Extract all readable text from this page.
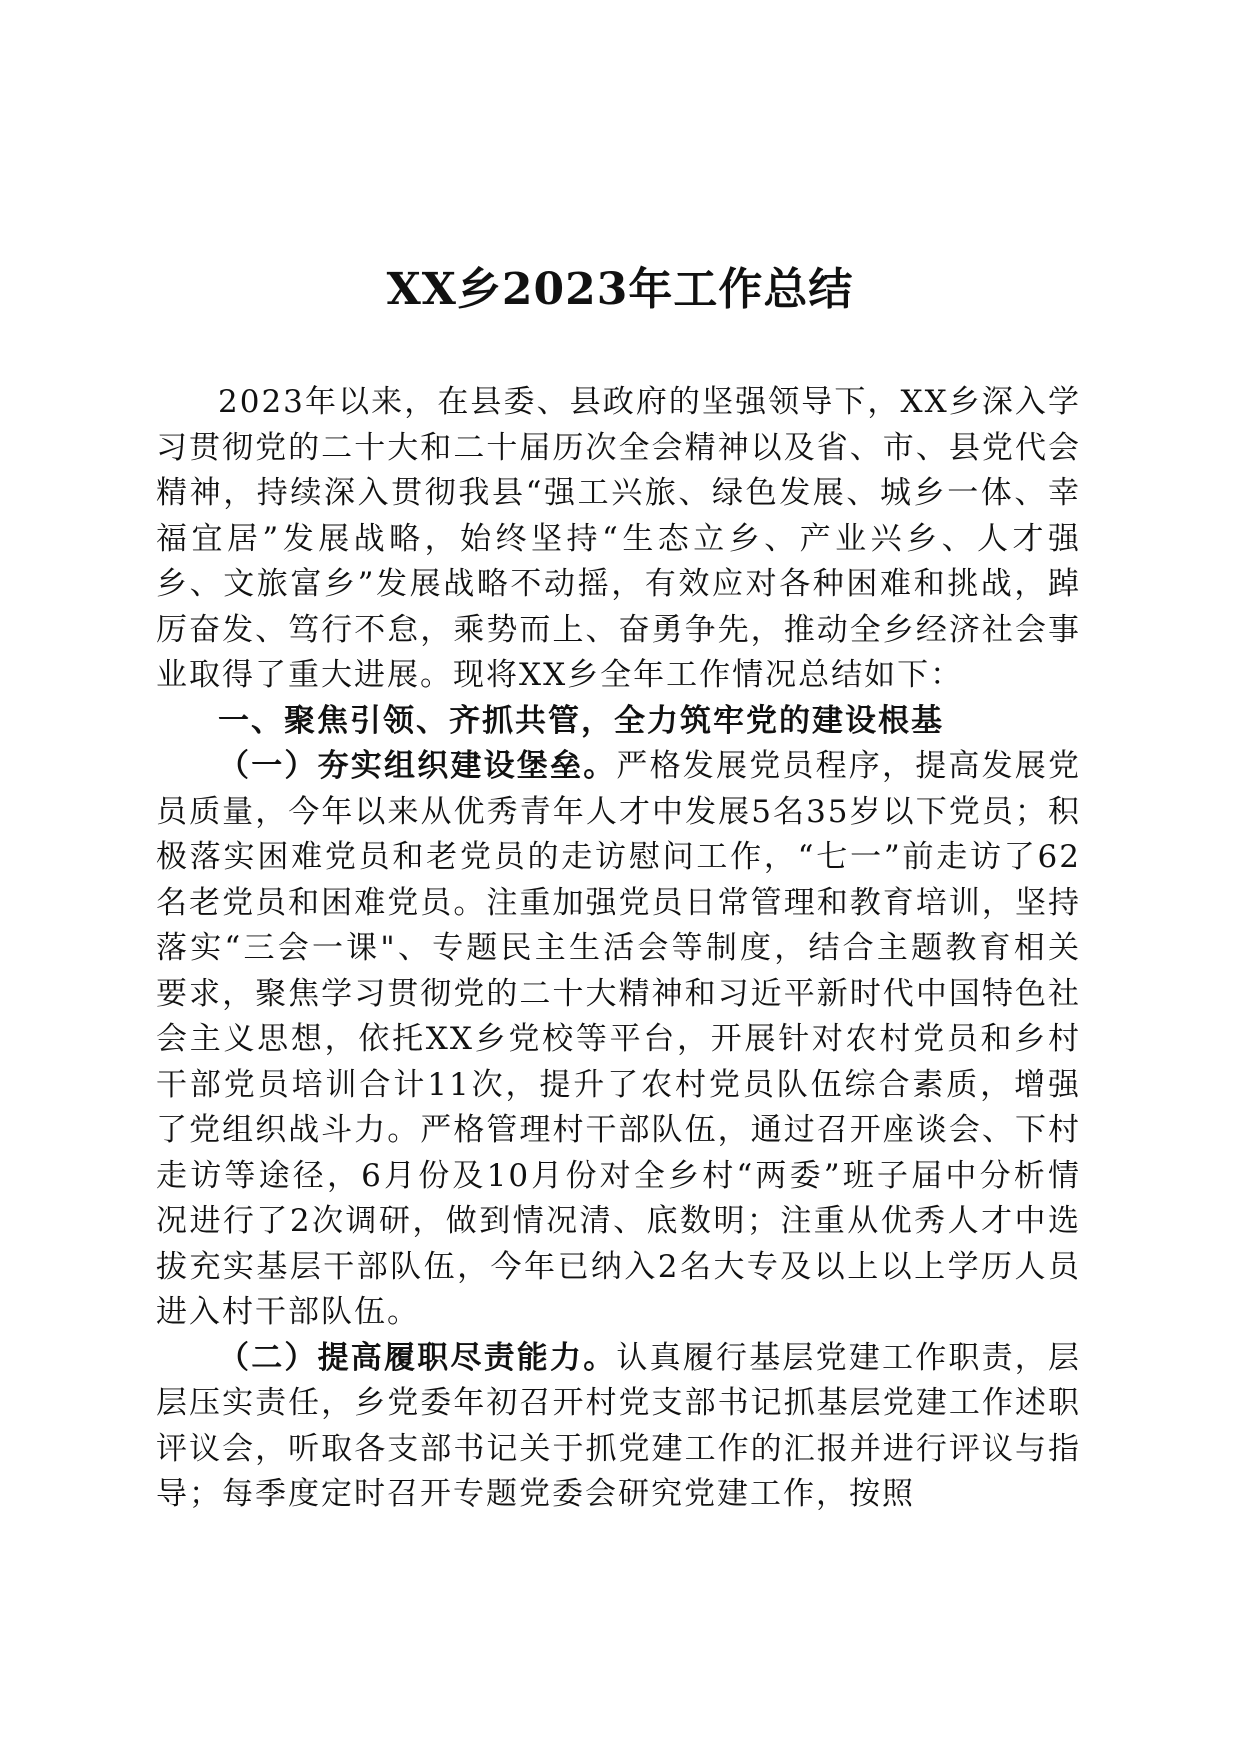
XX乡2023年工作总结

2023年以来，在县委、县政府的坚强领导下，XX乡深入学习贯彻党的二十大和二十届历次全会精神以及省、市、县党代会精神，持续深入贯彻我县“强工兴旅、绿色发展、城乡一体、幸福宜居”发展战略，始终坚持“生态立乡、产业兴乡、人才强乡、文旅富乡”发展战略不动摇，有效应对各种困难和挑战，踔厉奋发、笃行不怠，乘势而上、奋勇争先，推动全乡经济社会事业取得了重大进展。现将XX乡全年工作情况总结如下：

一、聚焦引领、齐抓共管，全力筑牢党的建设根基

（一）夯实组织建设堡垒。严格发展党员程序，提高发展党员质量，今年以来从优秀青年人才中发展5名35岁以下党员；积极落实困难党员和老党员的走访慰问工作，“七一”前走访了62名老党员和困难党员。注重加强党员日常管理和教育培训，坚持落实“三会一课"、专题民主生活会等制度，结合主题教育相关要求，聚焦学习贯彻党的二十大精神和习近平新时代中国特色社会主义思想，依托XX乡党校等平台，开展针对农村党员和乡村干部党员培训合计11次，提升了农村党员队伍综合素质，增强了党组织战斗力。严格管理村干部队伍，通过召开座谈会、下村走访等途径，6月份及10月份对全乡村“两委”班子届中分析情况进行了2次调研，做到情况清、底数明；注重从优秀人才中选拔充实基层干部队伍，今年已纳入2名大专及以上以上学历人员进入村干部队伍。

（二）提高履职尽责能力。认真履行基层党建工作职责，层层压实责任，乡党委年初召开村党支部书记抓基层党建工作述职评议会，听取各支部书记关于抓党建工作的汇报并进行评议与指导；每季度定时召开专题党委会研究党建工作，按照
